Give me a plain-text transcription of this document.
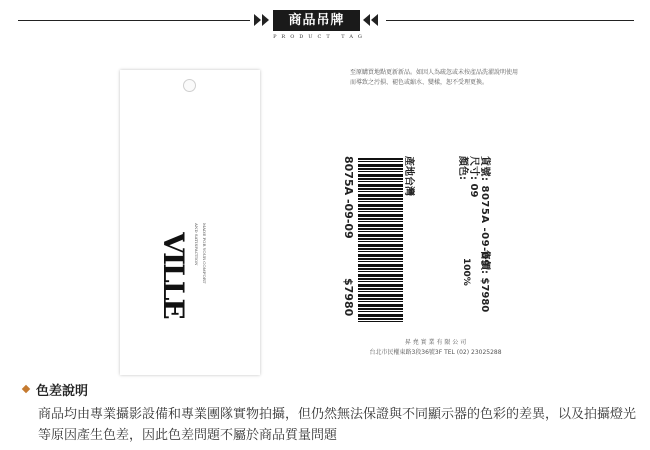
商品吊牌
PRODUCT TAG
VILLE
MADE FOR YOUR COMFORT
AND SATISFACTION
至原購買地點更新新品。如因人為疏忽或未按產品洗濯說明使用而導致之污損、褪色或縮水、變樣，恕不受理更換。
貨號: 8075A -09-09
尺寸: 09
顏色:
售價: $7980
100%
產地台灣
8075A -09-09
$7980
昇 堯 實 業 有 限 公 司
台北市民權東路3段36號3F TEL (02) 23025288
色差說明
商品均由專業攝影設備和專業團隊實物拍攝，但仍然無法保證與不同顯示器的色彩的差異，以及拍攝燈光等原因產生色差，因此色差問題不屬於商品質量問題
